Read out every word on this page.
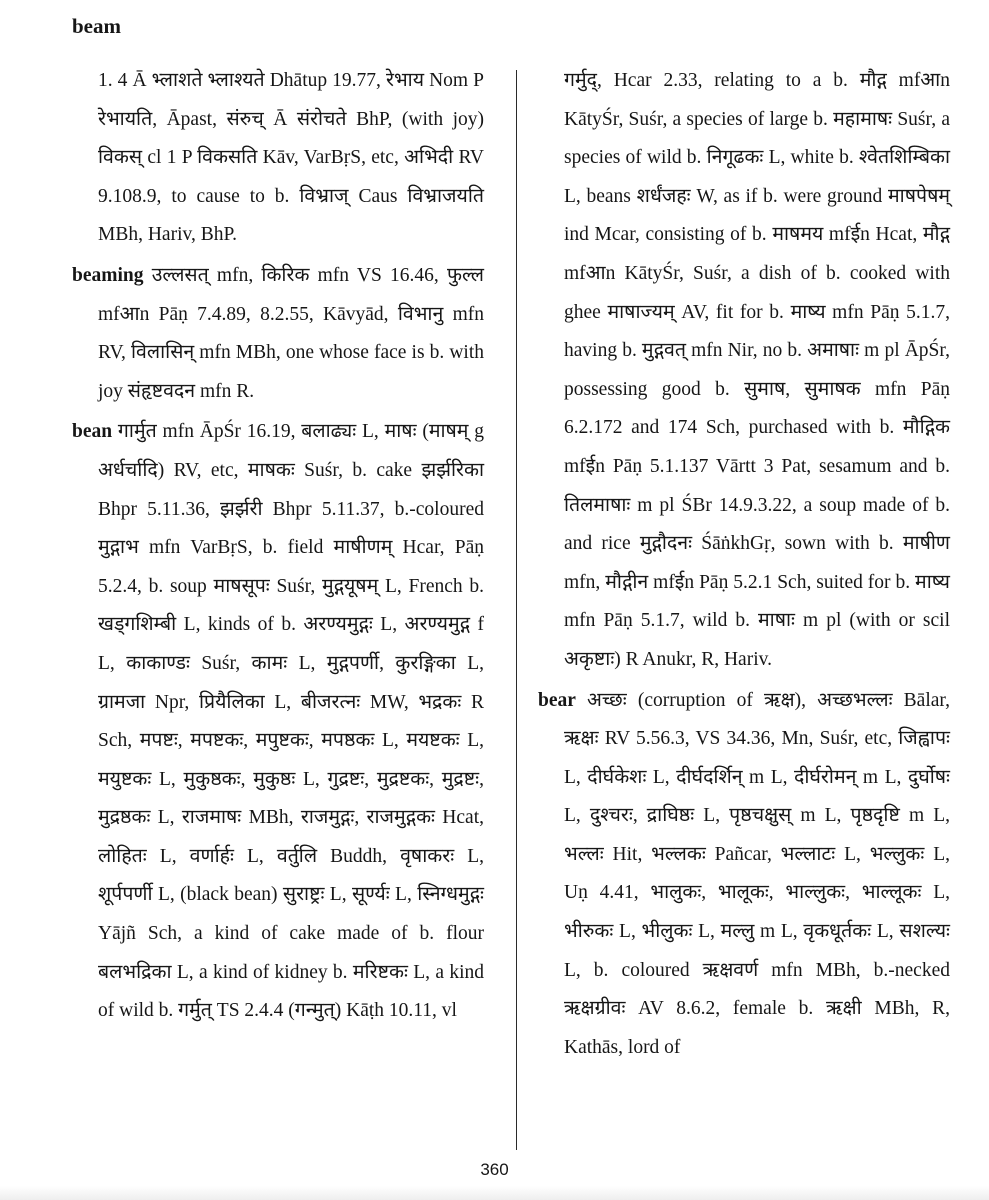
beam

1. 4 Ā भ्लाशते भ्लाश्यते Dhātup 19.77, रेभाय Nom P रेभायति, Āpast, संरुच् Ā संरोचते BhP, (with joy) विकस् cl 1 P विकसति Kāv, VarBṛS, etc, अभिदी RV 9.108.9, to cause to b. विभ्राज् Caus विभ्राजयति MBh, Hariv, BhP.

beaming उल्लसत् mfn, किरिक mfn VS 16.46, फुल्ल mfआn Pāṇ 7.4.89, 8.2.55, Kāvyād, विभानु mfn RV, विलासिन् mfn MBh, one whose face is b. with joy संहृष्टवदन mfn R.

bean गार्मुत mfn ĀpŚr 16.19, बलाढ्यः L, माषः (माषम् g अर्धर्चादि) RV, etc, माषकः Suśr, b. cake झर्झरिका Bhpr 5.11.36, झर्झरी Bhpr 5.11.37, b.-coloured मुद्गाभ mfn VarBṛS, b. field माषीणम् Hcar, Pāṇ 5.2.4, b. soup माषसूपः Suśr, मुद्गयूषम् L, French b. खड्गशिम्बी L, kinds of b. अरण्यमुद्गः L, अरण्यमुद्ग f L, काकाण्डः Suśr, कामः L, मुद्गपर्णी, कुरङ्गिका L, ग्रामजा Npr, प्रियैलिका L, बीजरत्नः MW, भद्रकः R Sch, मपष्टः, मपष्टकः, मपुष्टकः, मपष्ठकः L, मयष्टकः L, मयुष्टकः L, मुकुष्ठकः, मुकुष्ठः L, गुद्रष्टः, मुद्रष्टकः, मुद्रष्टः, मुद्रष्ठकः L, राजमाषः MBh, राजमुद्गः, राजमुद्गकः Hcat, लोहितः L, वर्णार्हः L, वर्तुलि Buddh, वृषाकरः L, शूर्पपर्णी L, (black bean) सुराष्ट्रः L, सूर्ण्यः L, स्निग्धमुद्गः Yājñ Sch, a kind of cake made of b. flour बलभद्रिका L, a kind of kidney b. मरिष्टकः L, a kind of wild b. गर्मुत् TS 2.4.4 (गन्मुत्) Kāṭh 10.11, vl

गर्मुद्, Hcar 2.33, relating to a b. मौद्ग mfआn KātyŚr, Suśr, a species of large b. महामाषः Suśr, a species of wild b. निगूढकः L, white b. श्वेतशिम्बिका L, beans शर्धंजहः W, as if b. were ground माषपेषम् ind Mcar, consisting of b. माषमय mfईn Hcat, मौद्ग mfआn KātyŚr, Suśr, a dish of b. cooked with ghee माषाज्यम् AV, fit for b. माष्य mfn Pāṇ 5.1.7, having b. मुद्गवत् mfn Nir, no b. अमाषाः m pl ĀpŚr, possessing good b. सुमाष, सुमाषक mfn Pāṇ 6.2.172 and 174 Sch, purchased with b. मौद्गिक mfईn Pāṇ 5.1.137 Vārtt 3 Pat, sesamum and b. तिलमाषाः m pl ŚBr 14.9.3.22, a soup made of b. and rice मुद्गौदनः ŚāṅkhGṛ, sown with b. माषीण mfn, मौद्गीन mfईn Pāṇ 5.2.1 Sch, suited for b. माष्य mfn Pāṇ 5.1.7, wild b. माषाः m pl (with or scil अकृष्टाः) R Anukr, R, Hariv.

bear अच्छः (corruption of ऋक्ष), अच्छभल्लः Bālar, ऋक्षः RV 5.56.3, VS 34.36, Mn, Suśr, etc, जिह्वापः L, दीर्घकेशः L, दीर्घदर्शिन् m L, दीर्घरोमन् m L, दुर्घोषः L, दुश्चरः, द्राघिष्ठः L, पृष्ठचक्षुस् m L, पृष्ठदृष्टि m L, भल्लः Hit, भल्लकः Pañcar, भल्लाटः L, भल्लुकः L, Uṇ 4.41, भालुकः, भालूकः, भाल्लुकः, भाल्लूकः L, भीरुकः L, भीलुकः L, मल्लु m L, वृकधूर्तकः L, सशल्यः L, b. coloured ऋक्षवर्ण mfn MBh, b.-necked ऋक्षग्रीवः AV 8.6.2, female b. ऋक्षी MBh, R, Kathās, lord of

360
